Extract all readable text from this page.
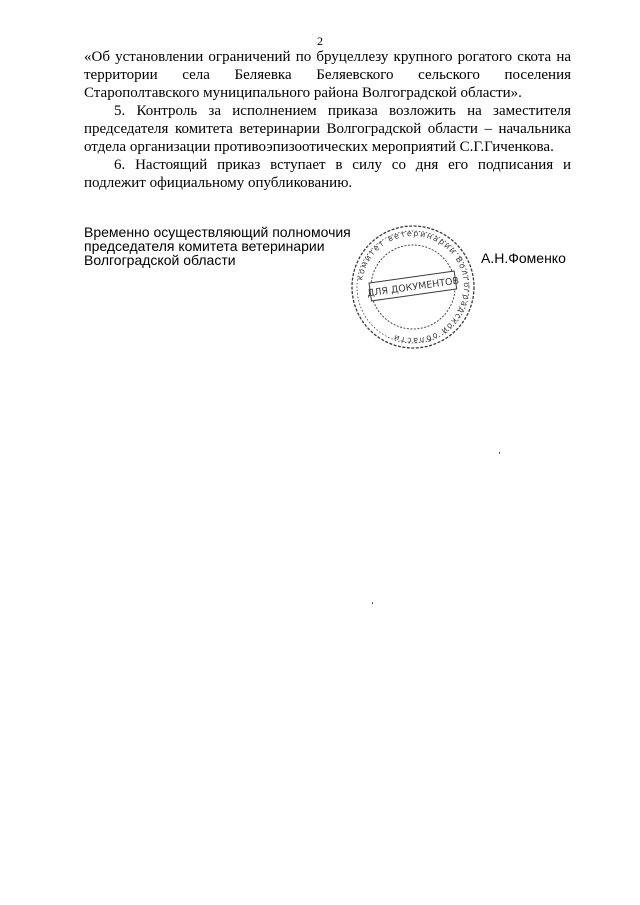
2

«Об установлении ограничений по бруцеллезу крупного рогатого скота на территории села Беляевка Беляевского сельского поселения Старополтавского муниципального района Волгоградской области».

5. Контроль за исполнением приказа возложить на заместителя председателя комитета ветеринарии Волгоградской области – начальника отдела организации противоэпизоотических мероприятий С.Г.Гиченкова.

6. Настоящий приказ вступает в силу со дня его подписания и подлежит официальному опубликованию.

Временно осуществляющий полномочия
председателя комитета ветеринарии
Волгоградской области
комитет ветеринарии Волгоградской области
ДЛЯ ДОКУМЕНТОВ
А.Н.Фоменко
